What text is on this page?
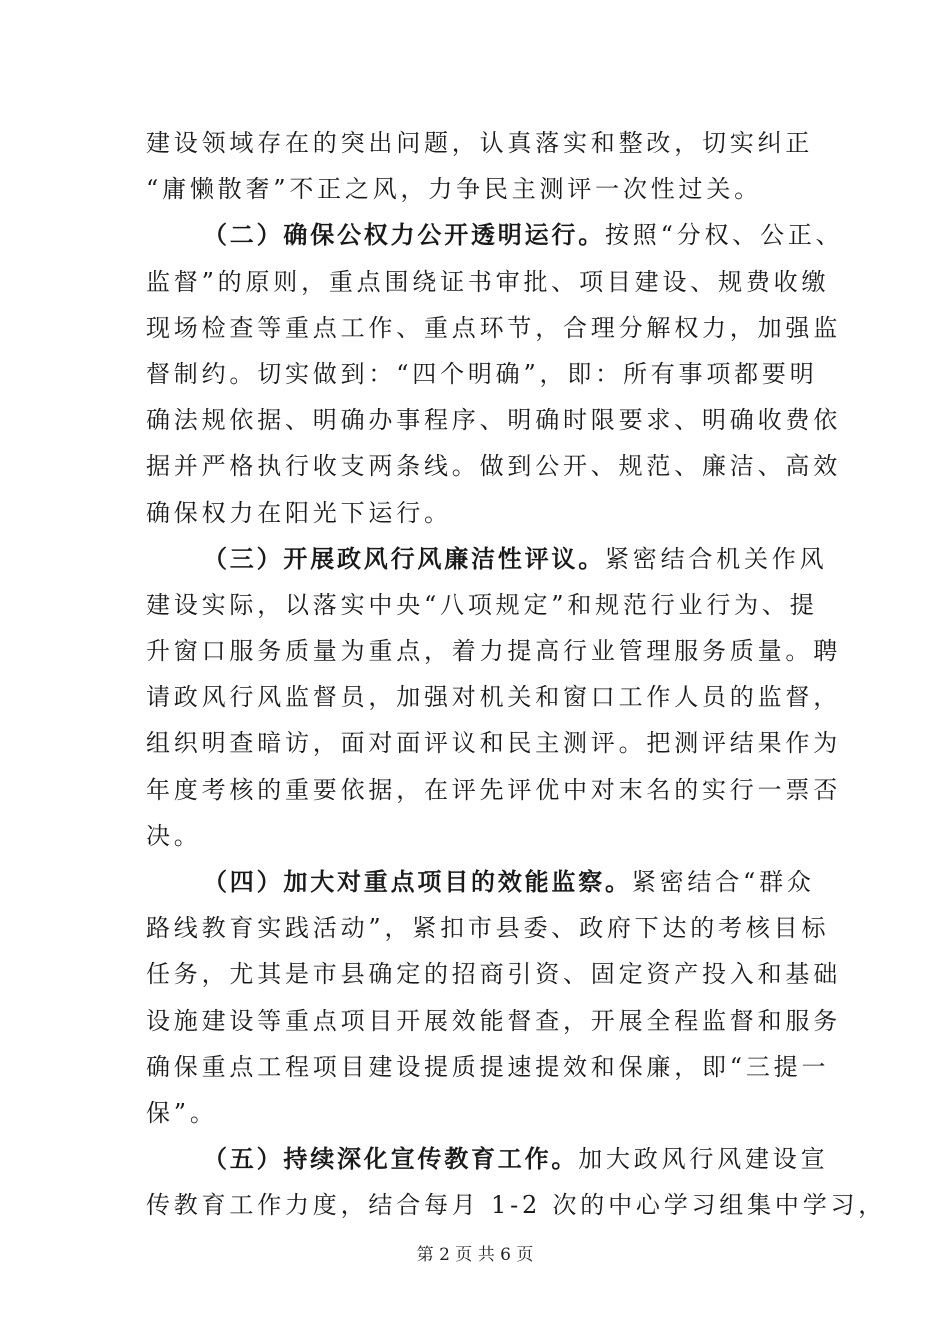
建设领域存在的突出问题，认真落实和整改，切实纠正
“庸懒散奢”不正之风，力争民主测评一次性过关。
（二）确保公权力公开透明运行。按照“分权、公正、
监督”的原则，重点围绕证书审批、项目建设、规费收缴
现场检查等重点工作、重点环节，合理分解权力，加强监
督制约。切实做到：“四个明确”，即：所有事项都要明
确法规依据、明确办事程序、明确时限要求、明确收费依
据并严格执行收支两条线。做到公开、规范、廉洁、高效
确保权力在阳光下运行。
（三）开展政风行风廉洁性评议。紧密结合机关作风
建设实际，以落实中央“八项规定”和规范行业行为、提
升窗口服务质量为重点，着力提高行业管理服务质量。聘
请政风行风监督员，加强对机关和窗口工作人员的监督，
组织明查暗访，面对面评议和民主测评。把测评结果作为
年度考核的重要依据，在评先评优中对末名的实行一票否
决。
（四）加大对重点项目的效能监察。紧密结合“群众
路线教育实践活动”，紧扣市县委、政府下达的考核目标
任务，尤其是市县确定的招商引资、固定资产投入和基础
设施建设等重点项目开展效能督查，开展全程监督和服务
确保重点工程项目建设提质提速提效和保廉，即“三提一
保”。
（五）持续深化宣传教育工作。加大政风行风建设宣
传教育工作力度，结合每月 1-2 次的中心学习组集中学习，
第 2 页 共 6 页
